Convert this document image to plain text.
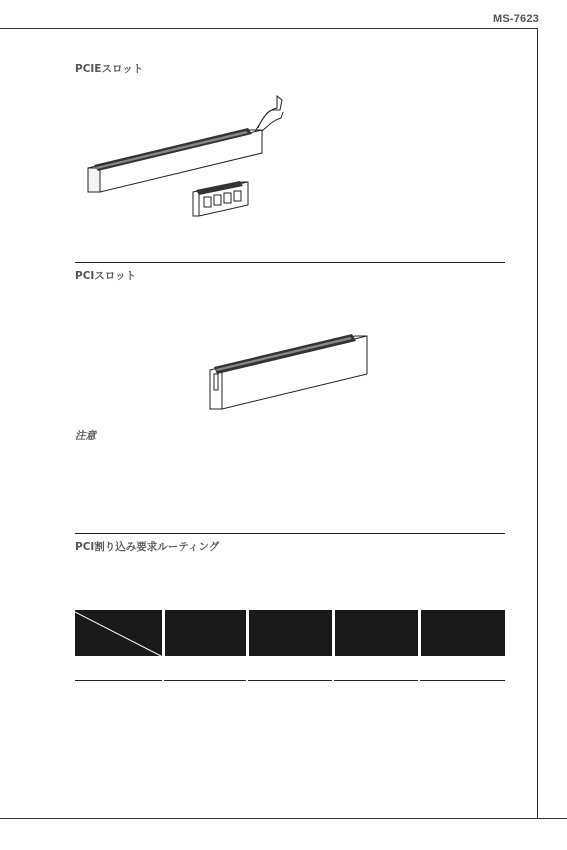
MS-7623
PCIEスロット
PCIスロット
注意
PCI割り込み要求ルーティング
